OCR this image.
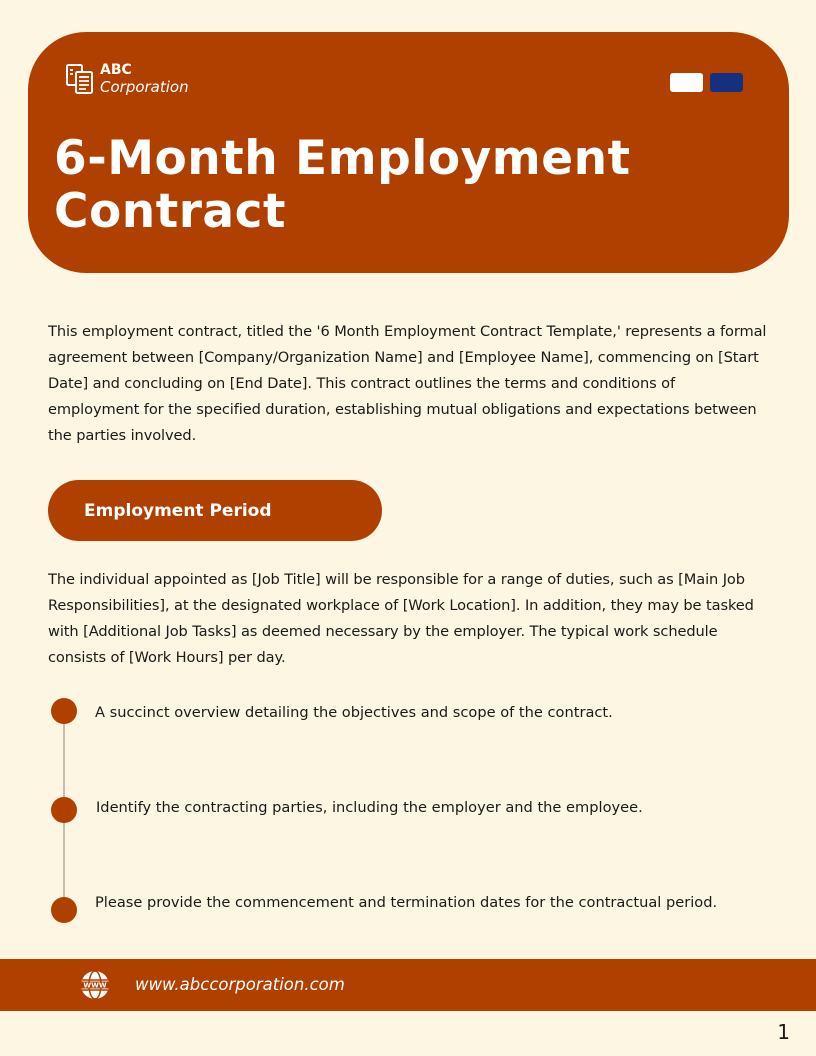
ABC
Corporation
6-Month Employment
Contract

This employment contract, titled the '6 Month Employment Contract Template,' represents a formal agreement between [Company/Organization Name] and [Employee Name], commencing on [Start Date] and concluding on [End Date]. This contract outlines the terms and conditions of employment for the specified duration, establishing mutual obligations and expectations between the parties involved.

Employment Period

The individual appointed as [Job Title] will be responsible for a range of duties, such as [Main Job Responsibilities], at the designated workplace of [Work Location]. In addition, they may be tasked with [Additional Job Tasks] as deemed necessary by the employer. The typical work schedule consists of [Work Hours] per day.

A succinct overview detailing the objectives and scope of the contract.

Identify the contracting parties, including the employer and the employee.

Please provide the commencement and termination dates for the contractual period.

WWW www.abccorporation.com
1
